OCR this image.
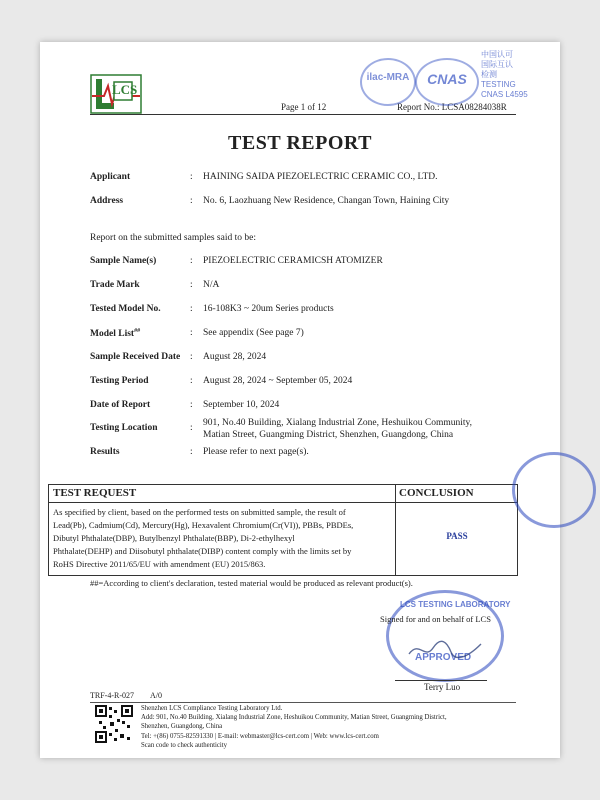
LCS
Page 1 of 12	Report No.: LCSA08284038R
ilac-MRA	CNAS
中国认可
国际互认
检测
TESTING
CNAS L4595
TEST REPORT
Applicant	: HAINING SAIDA PIEZOELECTRIC CERAMIC CO., LTD.
Address	: No. 6, Laozhuang New Residence, Changan Town, Haining City
Report on the submitted samples said to be:
Sample Name(s)	: PIEZOELECTRIC CERAMICSH ATOMIZER
Trade Mark	: N/A
Tested Model No.	: 16-108K3 ~ 20um Series products
Model List##	: See appendix (See page 7)
Sample Received Date : August 28, 2024
Testing Period	: August 28, 2024 ~ September 05, 2024
Date of Report	: September 10, 2024
Testing Location	: 901, No.40 Building, Xialang Industrial Zone, Heshuikou Community,
Matian Street, Guangming District, Shenzhen, Guangdong, China
Results	: Please refer to next page(s).
TEST REQUEST	CONCLUSION
As specified by client, based on the performed tests on submitted sample, the result of
Lead(Pb), Cadmium(Cd), Mercury(Hg), Hexavalent Chromium(Cr(VI)), PBBs, PBDEs,
Dibutyl Phthalate(DBP), Butylbenzyl Phthalate(BBP), Di-2-ethylhexyl
Phthalate(DEHP) and Diisobutyl phthalate(DIBP) content comply with the limits set by
RoHS Directive 2011/65/EU with amendment (EU) 2015/863.
PASS
##=According to client's declaration, tested material would be produced as relevant product(s).
LCS TESTING LABORATORY
APPROVED
Signed for and on behalf of LCS
Terry Luo
TRF-4-R-027 A/0
Shenzhen LCS Compliance Testing Laboratory Ltd.
Add: 901, No.40 Building, Xialang Industrial Zone, Heshuikou Community, Matian Street, Guangming District,
Shenzhen, Guangdong, China
Tel: +(86) 0755-82591330 | E-mail: webmaster@lcs-cert.com | Web: www.lcs-cert.com
Scan code to check authenticity
